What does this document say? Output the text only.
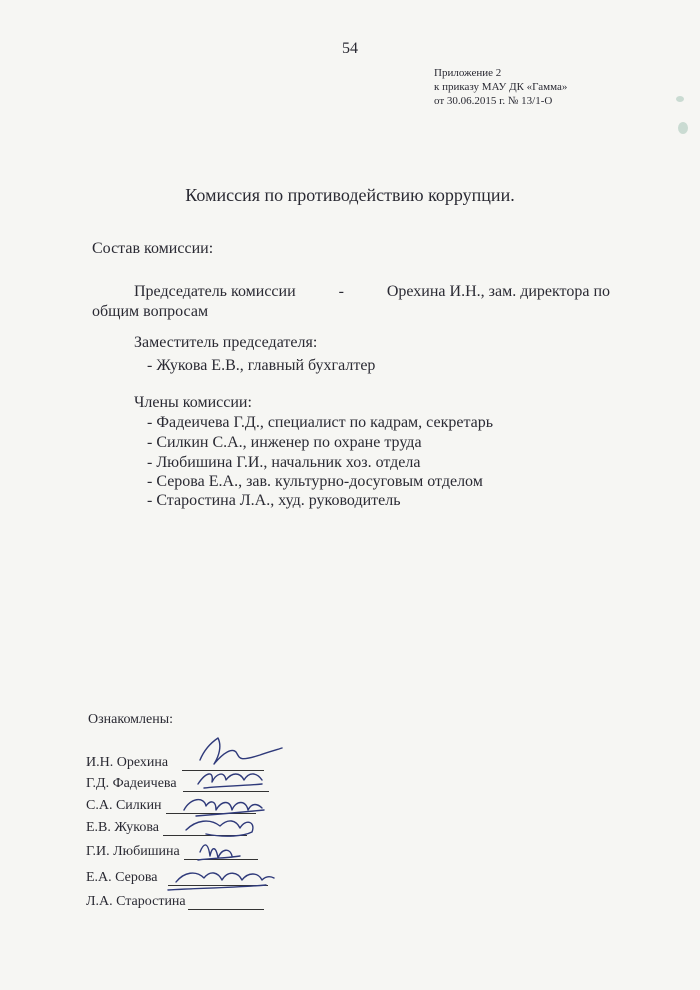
54
Приложение 2
к приказу МАУ ДК «Гамма»
от 30.06.2015 г. № 13/1-О
Комиссия по противодействию коррупции.
Состав комиссии:
Председатель комиссии	-	Орехина И.Н., зам. директора по
общим вопросам
Заместитель председателя:
- Жукова Е.В., главный бухгалтер
Члены комиссии:
- Фадеичева Г.Д., специалист по кадрам, секретарь
- Силкин С.А., инженер по охране труда
- Любишина Г.И., начальник хоз. отдела
- Серова Е.А., зав. культурно-досуговым отделом
- Старостина Л.А., худ. руководитель
Ознакомлены:
И.Н. Орехина
Г.Д. Фадеичева
С.А. Силкин
Е.В. Жукова
Г.И. Любишина
Е.А. Серова
Л.А. Старостина
